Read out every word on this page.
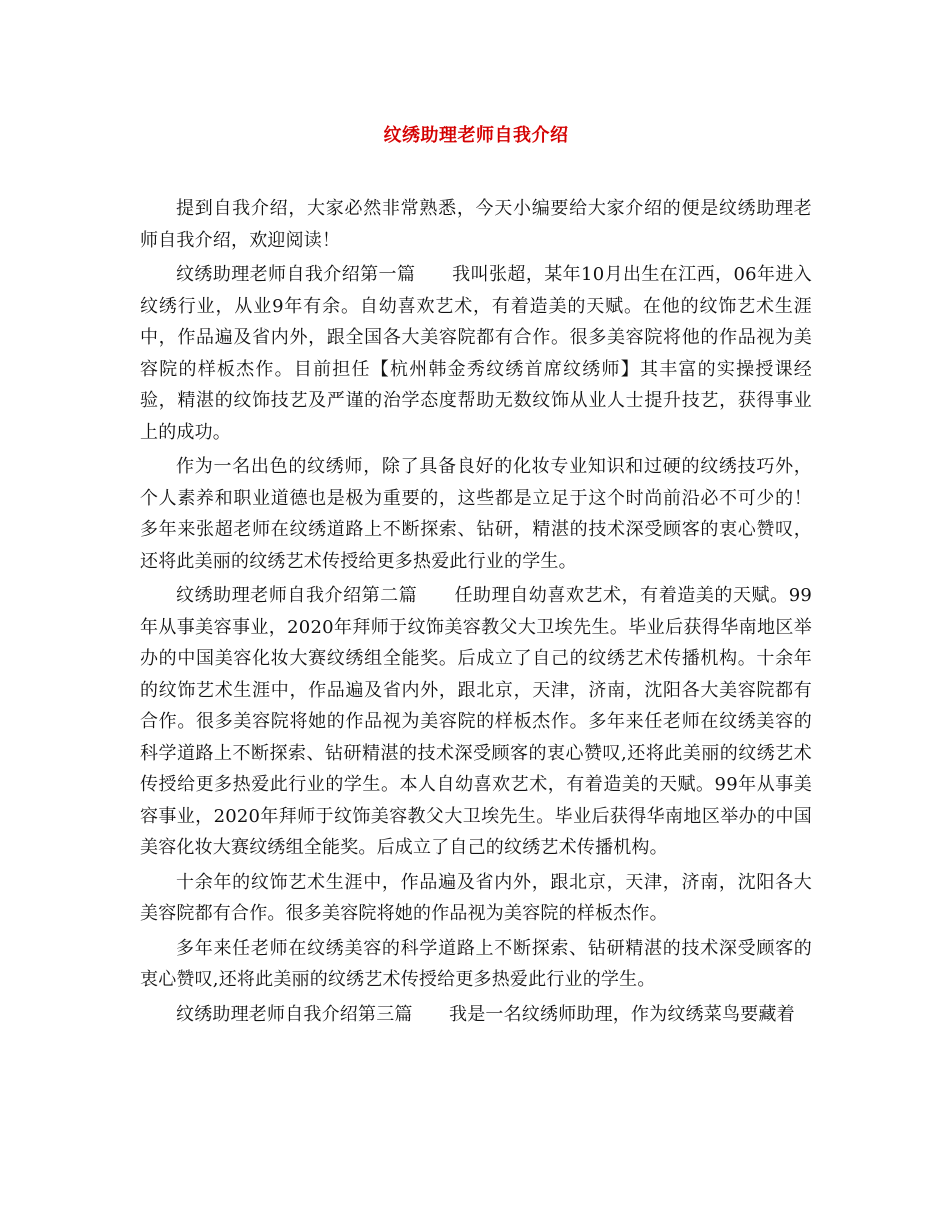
纹绣助理老师自我介绍

提到自我介绍，大家必然非常熟悉，今天小编要给大家介绍的便是纹绣助理老师自我介绍，欢迎阅读！

纹绣助理老师自我介绍第一篇　　我叫张超，某年10月出生在江西，06年进入纹绣行业，从业9年有余。自幼喜欢艺术，有着造美的天赋。在他的纹饰艺术生涯中，作品遍及省内外，跟全国各大美容院都有合作。很多美容院将他的作品视为美容院的样板杰作。目前担任【杭州韩金秀纹绣首席纹绣师】其丰富的实操授课经验，精湛的纹饰技艺及严谨的治学态度帮助无数纹饰从业人士提升技艺，获得事业上的成功。

作为一名出色的纹绣师，除了具备良好的化妆专业知识和过硬的纹绣技巧外，个人素养和职业道德也是极为重要的，这些都是立足于这个时尚前沿必不可少的！多年来张超老师在纹绣道路上不断探索、钻研，精湛的技术深受顾客的衷心赞叹，还将此美丽的纹绣艺术传授给更多热爱此行业的学生。

纹绣助理老师自我介绍第二篇　　任助理自幼喜欢艺术，有着造美的天赋。99年从事美容事业，2020年拜师于纹饰美容教父大卫埃先生。毕业后获得华南地区举办的中国美容化妆大赛纹绣组全能奖。后成立了自己的纹绣艺术传播机构。十余年的纹饰艺术生涯中，作品遍及省内外，跟北京，天津，济南，沈阳各大美容院都有合作。很多美容院将她的作品视为美容院的样板杰作。多年来任老师在纹绣美容的科学道路上不断探索、钻研精湛的技术深受顾客的衷心赞叹,还将此美丽的纹绣艺术传授给更多热爱此行业的学生。本人自幼喜欢艺术，有着造美的天赋。99年从事美容事业，2020年拜师于纹饰美容教父大卫埃先生。毕业后获得华南地区举办的中国美容化妆大赛纹绣组全能奖。后成立了自己的纹绣艺术传播机构。

十余年的纹饰艺术生涯中，作品遍及省内外，跟北京，天津，济南，沈阳各大美容院都有合作。很多美容院将她的作品视为美容院的样板杰作。

多年来任老师在纹绣美容的科学道路上不断探索、钻研精湛的技术深受顾客的衷心赞叹,还将此美丽的纹绣艺术传授给更多热爱此行业的学生。

纹绣助理老师自我介绍第三篇　　我是一名纹绣师助理，作为纹绣菜鸟要藏着
